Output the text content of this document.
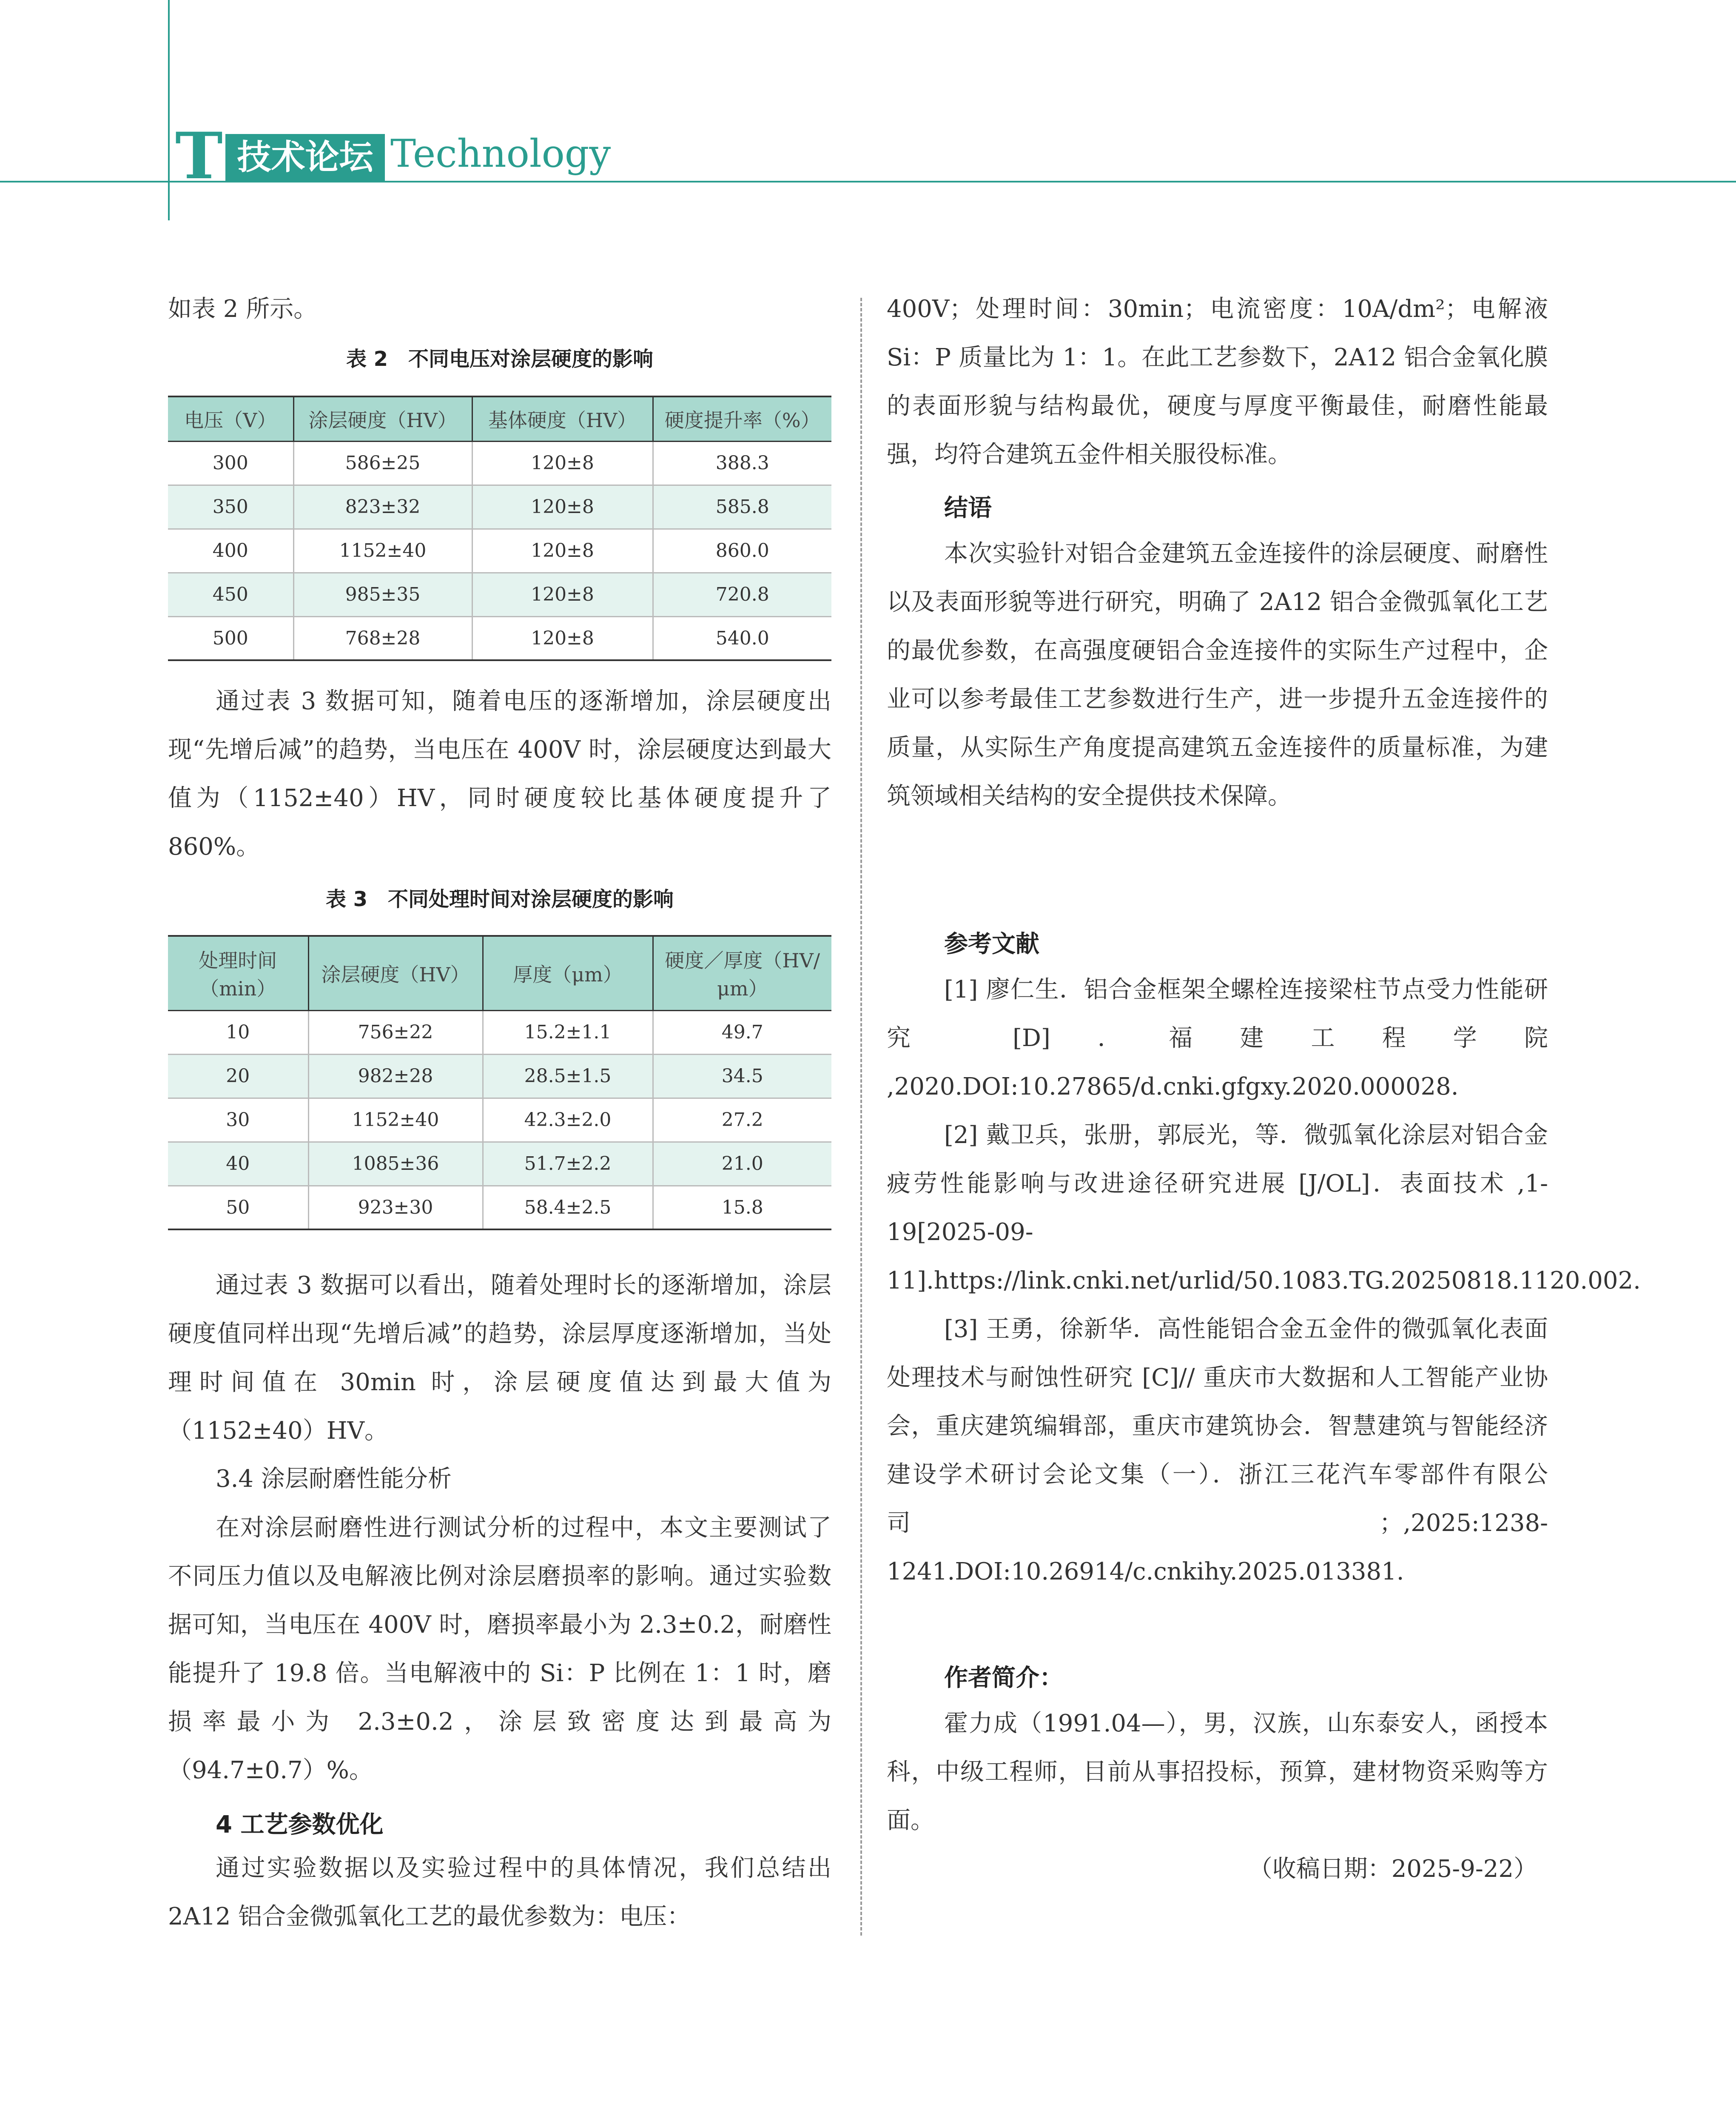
T 技术论坛 Technology

如表 2 所示。

表 2　不同电压对涂层硬度的影响
电压（V）	涂层硬度（HV）	基体硬度（HV）	硬度提升率（%）
300	586±25	120±8	388.3
350	823±32	120±8	585.8
400	1152±40	120±8	860.0
450	985±35	120±8	720.8
500	768±28	120±8	540.0

通过表 3 数据可知，随着电压的逐渐增加，涂层硬度出现“先增后减”的趋势，当电压在 400V 时，涂层硬度达到最大值为（1152±40）HV，同时硬度较比基体硬度提升了 860%。

表 3　不同处理时间对涂层硬度的影响
处理时间（min）	涂层硬度（HV）	厚度（μm）	硬度／厚度（HV/μm）
10	756±22	15.2±1.1	49.7
20	982±28	28.5±1.5	34.5
30	1152±40	42.3±2.0	27.2
40	1085±36	51.7±2.2	21.0
50	923±30	58.4±2.5	15.8

通过表 3 数据可以看出，随着处理时长的逐渐增加，涂层硬度值同样出现“先增后减”的趋势，涂层厚度逐渐增加，当处理时间值在 30min 时，涂层硬度值达到最大值为（1152±40）HV。

3.4 涂层耐磨性能分析

在对涂层耐磨性进行测试分析的过程中，本文主要测试了不同压力值以及电解液比例对涂层磨损率的影响。通过实验数据可知，当电压在 400V 时，磨损率最小为 2.3±0.2，耐磨性能提升了 19.8 倍。当电解液中的 Si：P 比例在 1：1 时，磨损率最小为 2.3±0.2，涂层致密度达到最高为（94.7±0.7）%。

4 工艺参数优化

通过实验数据以及实验过程中的具体情况，我们总结出 2A12 铝合金微弧氧化工艺的最优参数为：电压：

400V；处理时间：30min；电流密度：10A/dm²；电解液 Si：P 质量比为 1：1。在此工艺参数下，2A12 铝合金氧化膜的表面形貌与结构最优，硬度与厚度平衡最佳，耐磨性能最强，均符合建筑五金件相关服役标准。

结语

本次实验针对铝合金建筑五金连接件的涂层硬度、耐磨性以及表面形貌等进行研究，明确了 2A12 铝合金微弧氧化工艺的最优参数，在高强度硬铝合金连接件的实际生产过程中，企业可以参考最佳工艺参数进行生产，进一步提升五金连接件的质量，从实际生产角度提高建筑五金连接件的质量标准，为建筑领域相关结构的安全提供技术保障。

参考文献

[1] 廖仁生．铝合金框架全螺栓连接梁柱节点受力性能研究 [D]．福建工程学院 ,2020.DOI:10.27865/d.cnki.gfgxy.2020.000028.

[2] 戴卫兵，张册，郭辰光，等．微弧氧化涂层对铝合金疲劳性能影响与改进途径研究进展 [J/OL]．表面技术 ,1-19[2025-09-11].https://link.cnki.net/urlid/50.1083.TG.20250818.1120.002.

[3] 王勇，徐新华．高性能铝合金五金件的微弧氧化表面处理技术与耐蚀性研究 [C]// 重庆市大数据和人工智能产业协会，重庆建筑编辑部，重庆市建筑协会．智慧建筑与智能经济建设学术研讨会论文集（一）．浙江三花汽车零部件有限公司；,2025:1238-1241.DOI:10.26914/c.cnkihy.2025.013381.

作者简介：

霍力成（1991.04—），男，汉族，山东泰安人，函授本科，中级工程师，目前从事招投标，预算，建材物资采购等方面。

（收稿日期：2025-9-22）
